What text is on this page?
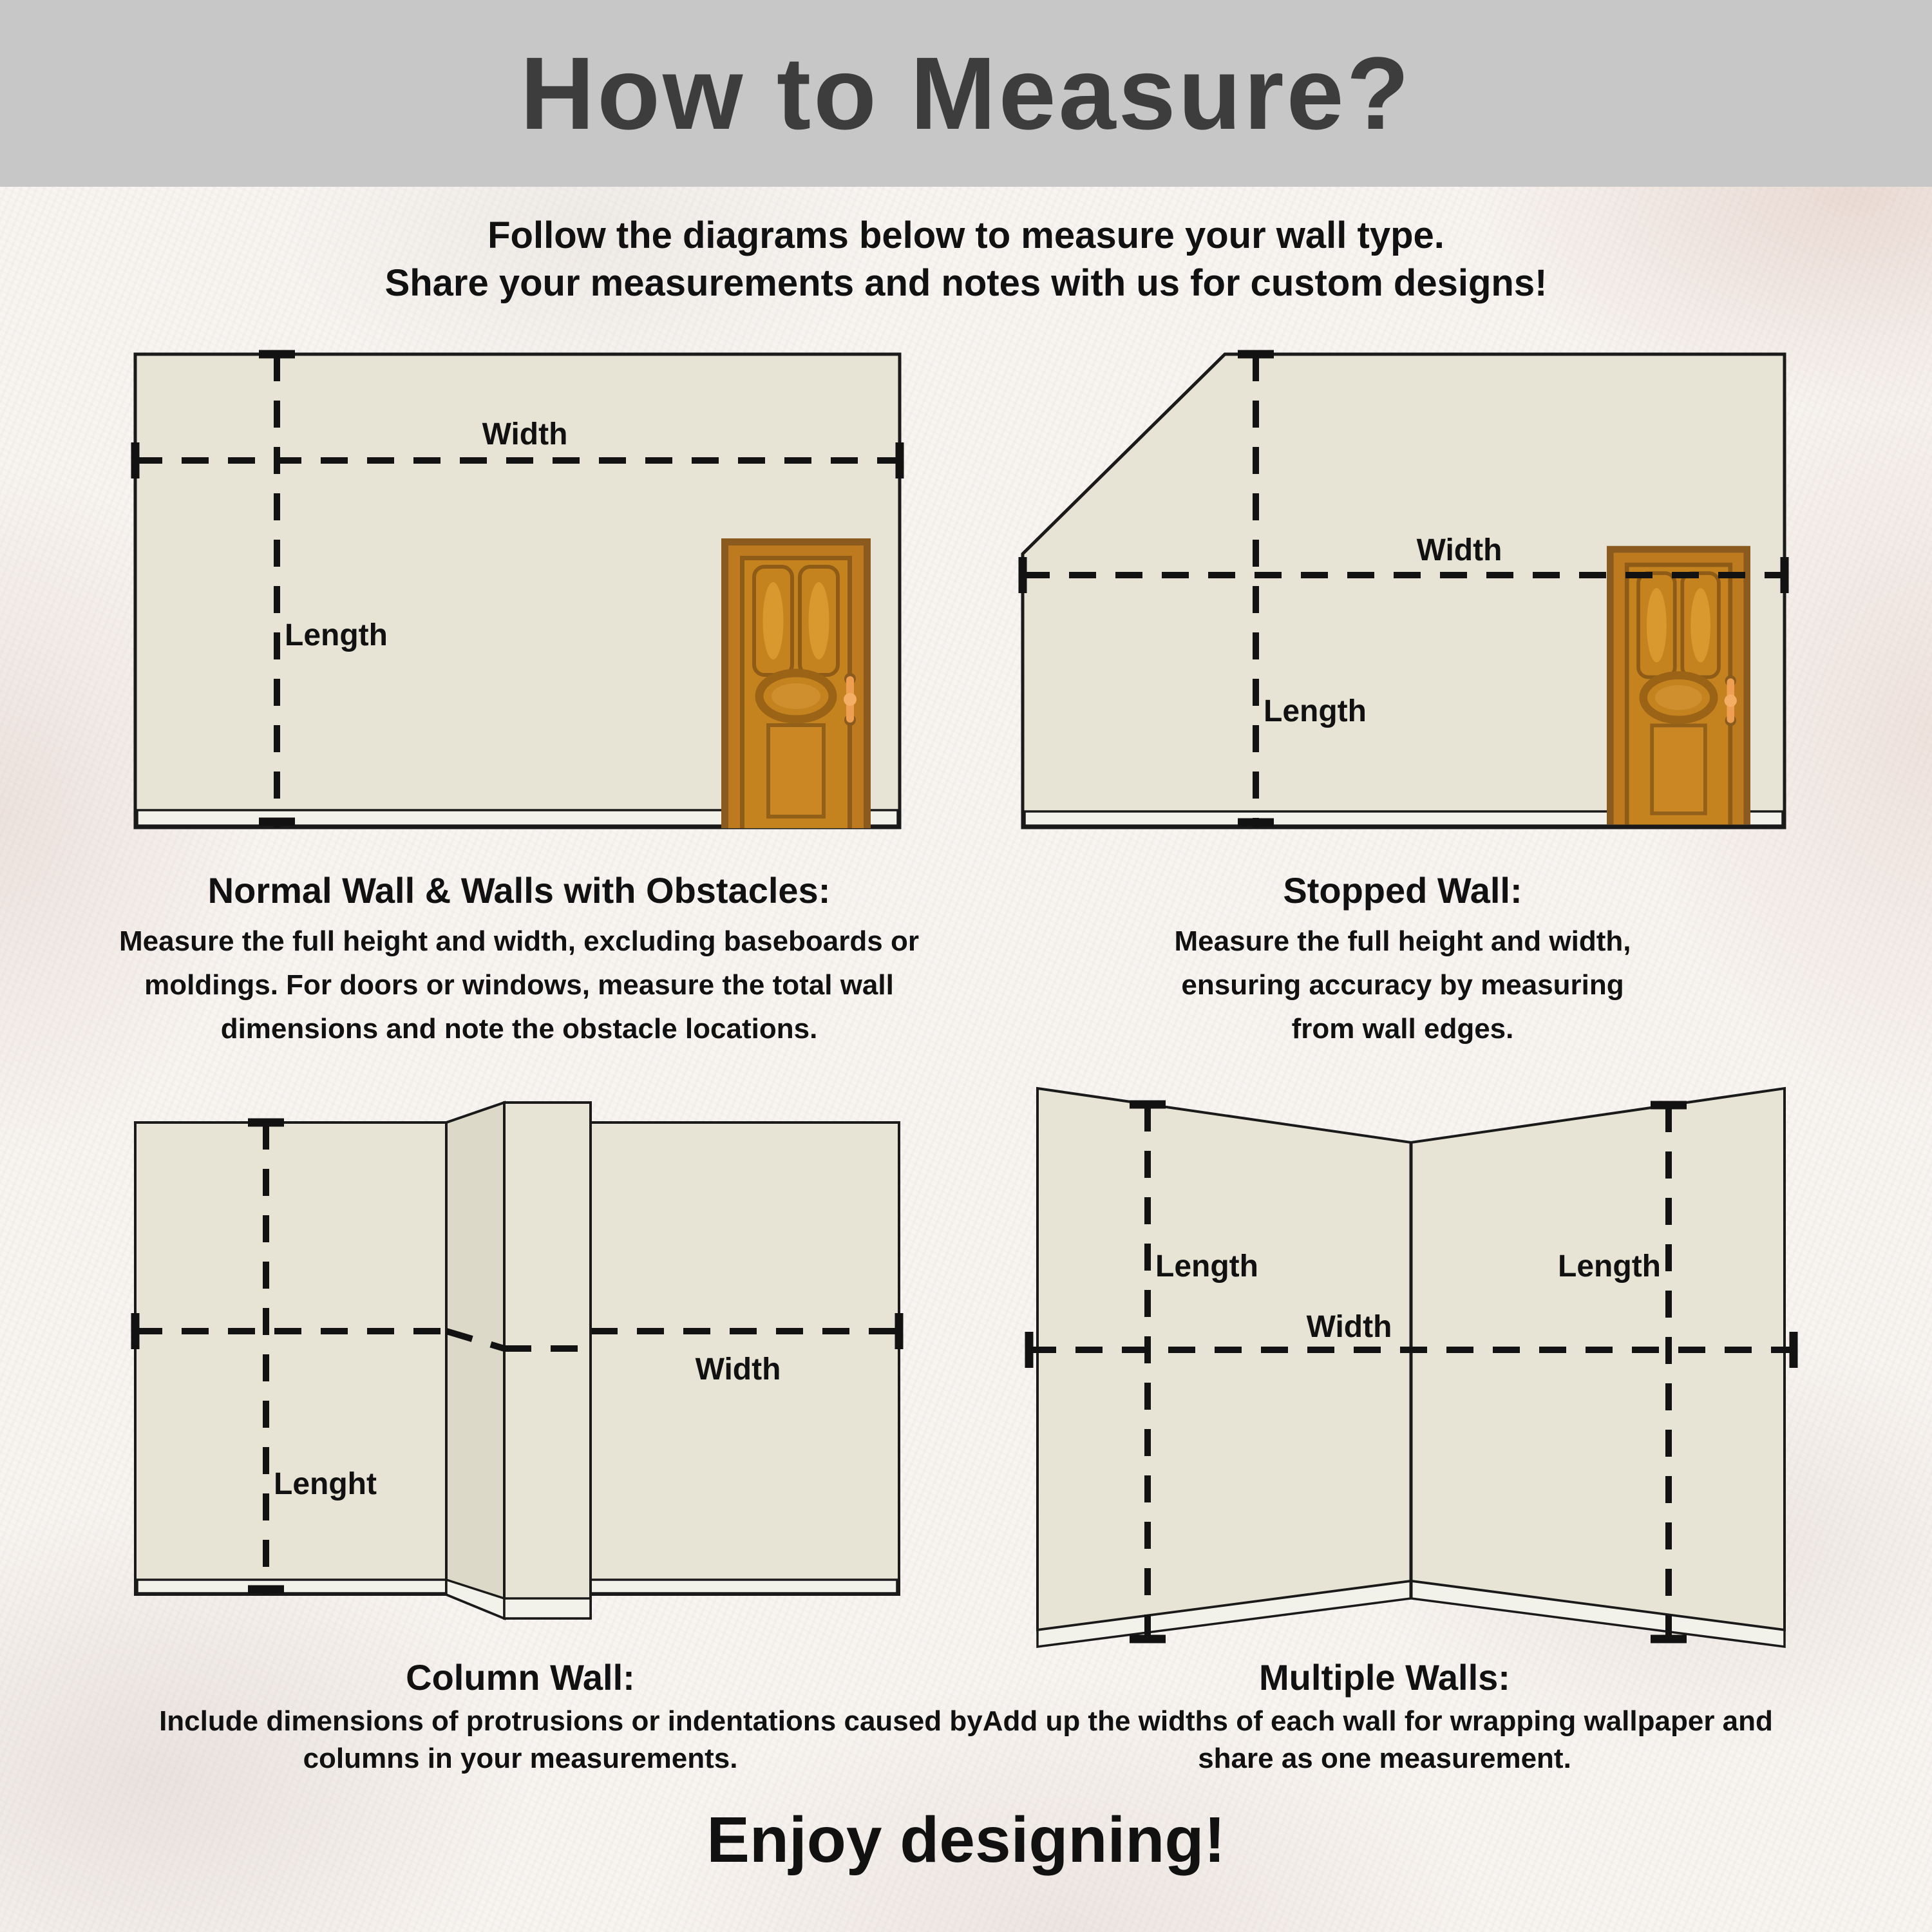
How to Measure?
Follow the diagrams below to measure your wall type.
Share your measurements and notes with us for custom designs!
Width
Length
Width
Length
Width
Lenght
Length	Length
Width
Normal Wall & Walls with Obstacles:	Stopped Wall:
Measure the full height and width, excluding baseboards or
moldings. For doors or windows, measure the total wall
dimensions and note the obstacle locations.
Measure the full height and width,
ensuring accuracy by measuring
from wall edges.
Column Wall:	Multiple Walls:
Include dimensions of protrusions or indentations caused byAdd up the widths of each wall for wrapping wallpaper and
columns in your measurements.	share as one measurement.
Enjoy designing!
